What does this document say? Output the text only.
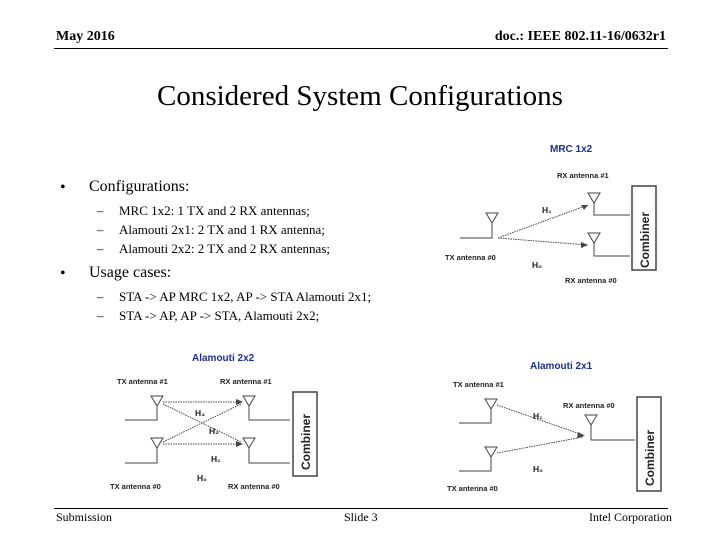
May 2016	doc.: IEEE 802.11-16/0632r1
Considered System Configurations
• Configurations:
– MRC 1x2: 1 TX and 2 RX antennas;
– Alamouti 2x1: 2 TX and 1 RX antenna;
– Alamouti 2x2: 2 TX and 2 RX antennas;
• Usage cases:
– STA -> AP MRC 1x2, AP -> STA Alamouti 2x1;
– STA -> AP, AP -> STA, Alamouti 2x2;
MRC 1x2
RX antenna #1
TX antenna #0
RX antenna #0
H₁
H₀	Combiner
Alamouti 2x2
TX antenna #1	RX antenna #1
TX antenna #0	RX antenna #0
H₃
H₂
H₁
H₀
Combiner
Alamouti 2x1
TX antenna #1
RX antenna #0
TX antenna #0
H₁
H₀	Combiner
Submission	Slide 3	Intel Corporation
